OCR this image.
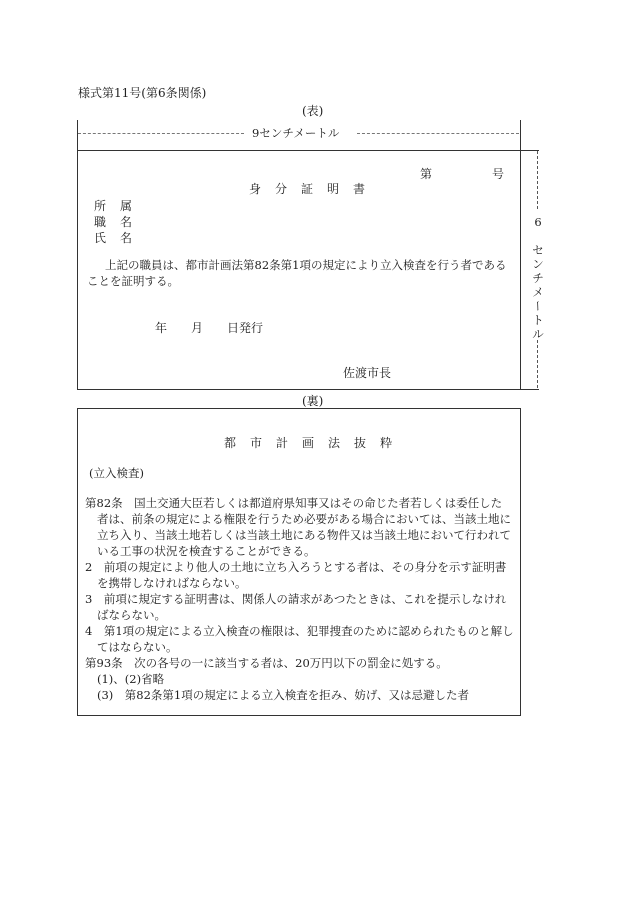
様式第11号(第6条関係)
(表)
9センチメートル
第	号
身分証明書
所属
職名
氏名
上記の職員は、都市計画法第82条第1項の規定により立入検査を行う者である
ことを証明する。
年　　月　　日発行
佐渡市長
6
セ
ン
チ
メ
ー
ト
ル
(裏)
都市計画法抜粋
(立入検査)
第82条　国土交通大臣若しくは都道府県知事又はその命じた者若しくは委任した
者は、前条の規定による権限を行うため必要がある場合においては、当該土地に
立ち入り、当該土地若しくは当該土地にある物件又は当該土地において行われて
いる工事の状況を検査することができる。
2　前項の規定により他人の土地に立ち入ろうとする者は、その身分を示す証明書
を携帯しなければならない。
3　前項に規定する証明書は、関係人の請求があつたときは、これを提示しなけれ
ばならない。
4　第1項の規定による立入検査の権限は、犯罪捜査のために認められたものと解し
てはならない。
第93条　次の各号の一に該当する者は、20万円以下の罰金に処する。
(1)、(2)省略
(3)　第82条第1項の規定による立入検査を拒み、妨げ、又は忌避した者
